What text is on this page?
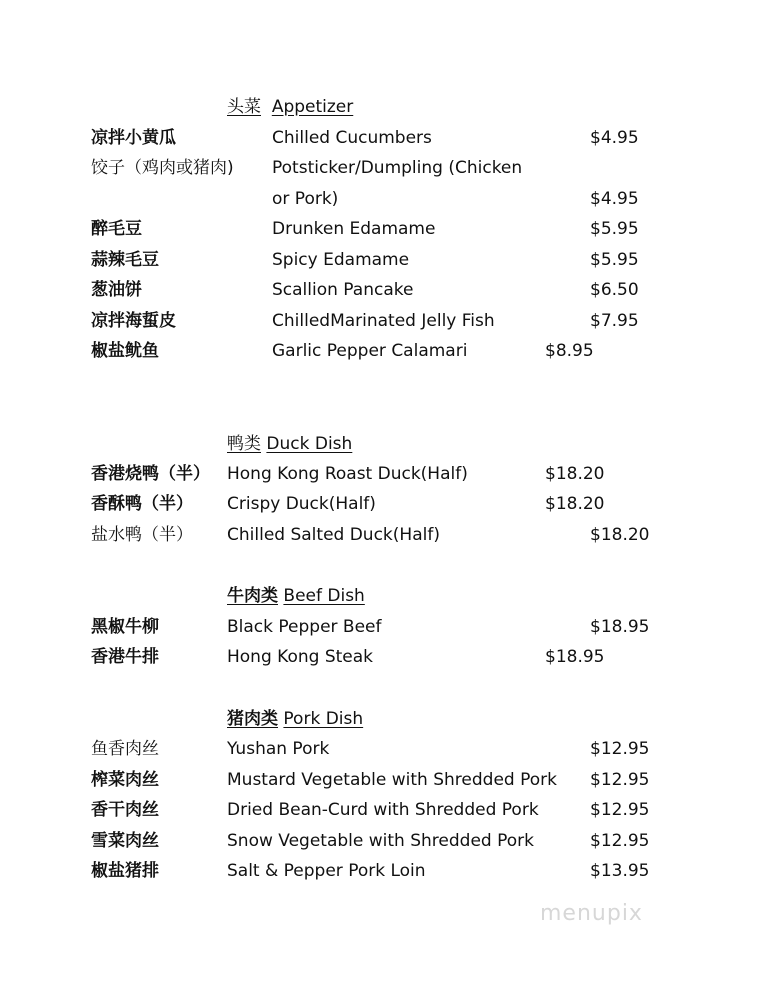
头菜 Appetizer
凉拌小黄瓜	Chilled Cucumbers	$4.95
饺子（鸡肉或猪肉) Potsticker/Dumpling (Chicken
or Pork)	$4.95
醉毛豆	Drunken Edamame	$5.95
蒜辣毛豆	Spicy Edamame	$5.95
葱油饼	Scallion Pancake	$6.50
凉拌海蜇皮	ChilledMarinated Jelly Fish	$7.95
椒盐鱿鱼	Garlic Pepper Calamari	$8.95
鸭类 Duck Dish
香港烧鸭（半） Hong Kong Roast Duck(Half)	$18.20
香酥鸭（半） Crispy Duck(Half)	$18.20
盐水鸭（半） Chilled Salted Duck(Half)	$18.20
牛肉类 Beef Dish
黑椒牛柳	Black Pepper Beef	$18.95
香港牛排	Hong Kong Steak	$18.95
猪肉类 Pork Dish
鱼香肉丝	Yushan Pork	$12.95
榨菜肉丝	Mustard Vegetable with Shredded Pork $12.95
香干肉丝	Dried Bean-Curd with Shredded Pork	$12.95
雪菜肉丝	Snow Vegetable with Shredded Pork	$12.95
椒盐猪排	Salt & Pepper Pork Loin	$13.95
menupix
